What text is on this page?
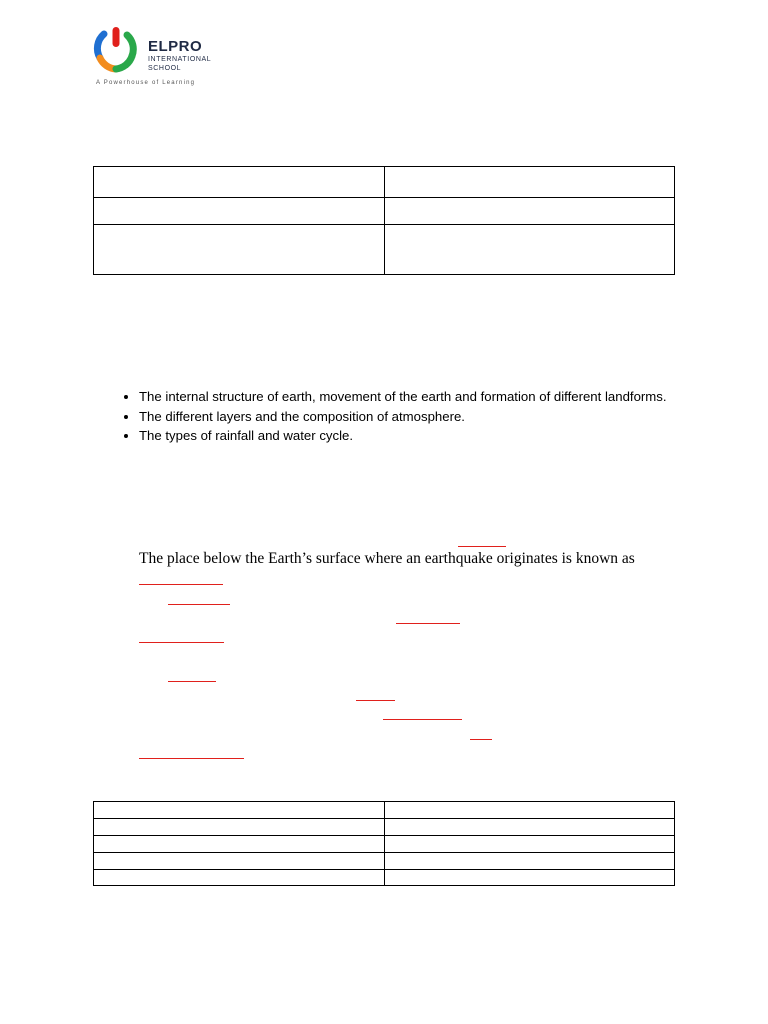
ELPRO
INTERNATIONAL
SCHOOL
A Powerhouse of Learning

• The internal structure of earth, movement of the earth and formation of different landforms.
• The different layers and the composition of atmosphere.
• The types of rainfall and water cycle.
The place below the Earth’s surface where an earthquake originates is known as
